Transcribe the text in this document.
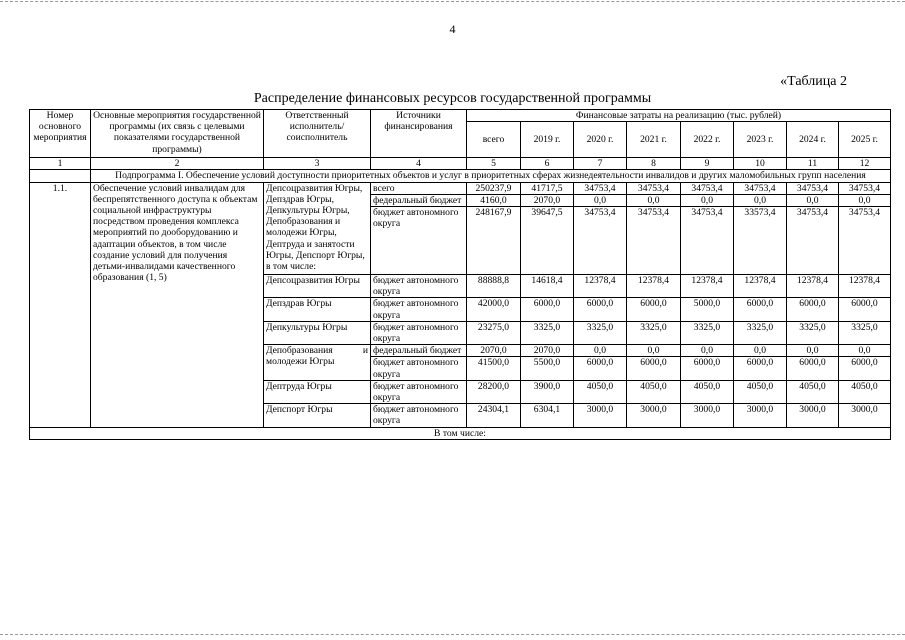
4
«Таблица 2
Распределение финансовых ресурсов государственной программы
Номер основного мероприятия	Основные мероприятия государственной программы (их связь с целевыми показателями государственной программы)	Ответственный исполнитель/ соисполнитель	Источники финансирования	Финансовые затраты на реализацию (тыс. рублей)							
				всего	2019 г.	2020 г.	2021 г.	2022 г.	2023 г.	2024 г.	2025 г.
1	2	3	4	5	6	7	8	9	10	11	12
	Подпрограмма I. Обеспечение условий доступности приоритетных объектов и услуг в приоритетных сферах жизнедеятельности инвалидов и других маломобильных групп населения										
1.1.	Обеспечение условий инвалидам для беспрепятственного доступа к объектам социальной инфраструктуры посредством проведения комплекса мероприятий по дооборудованию и адаптации объектов, в том числе создание условий для получения детьми-инвалидами качественного образования (1, 5)	Депсоцразвития Югры, Депздрав Югры, Депкультуры Югры, Депобразования и молодежи Югры, Дептруда и занятости Югры, Депспорт Югры, в том числе:	всего	250237,9	41717,5	34753,4	34753,4	34753,4	34753,4	34753,4	34753,4
			федеральный бюджет	4160,0	2070,0	0,0	0,0	0,0	0,0	0,0	0,0
			бюджет автономного округа	248167,9	39647,5	34753,4	34753,4	34753,4	33573,4	34753,4	34753,4
		Депсоцразвития Югры	бюджет автономного округа	88888,8	14618,4	12378,4	12378,4	12378,4	12378,4	12378,4	12378,4
		Депздрав Югры	бюджет автономного округа	42000,0	6000,0	6000,0	6000,0	5000,0	6000,0	6000,0	6000,0
		Депкультуры Югры	бюджет автономного округа	23275,0	3325,0	3325,0	3325,0	3325,0	3325,0	3325,0	3325,0
		Депобразования и молодежи Югры	федеральный бюджет	2070,0	2070,0	0,0	0,0	0,0	0,0	0,0	0,0
			бюджет автономного округа	41500,0	5500,0	6000,0	6000,0	6000,0	6000,0	6000,0	6000,0
		Дептруда Югры	бюджет автономного округа	28200,0	3900,0	4050,0	4050,0	4050,0	4050,0	4050,0	4050,0
		Депспорт Югры	бюджет автономного округа	24304,1	6304,1	3000,0	3000,0	3000,0	3000,0	3000,0	3000,0
В том числе:											
